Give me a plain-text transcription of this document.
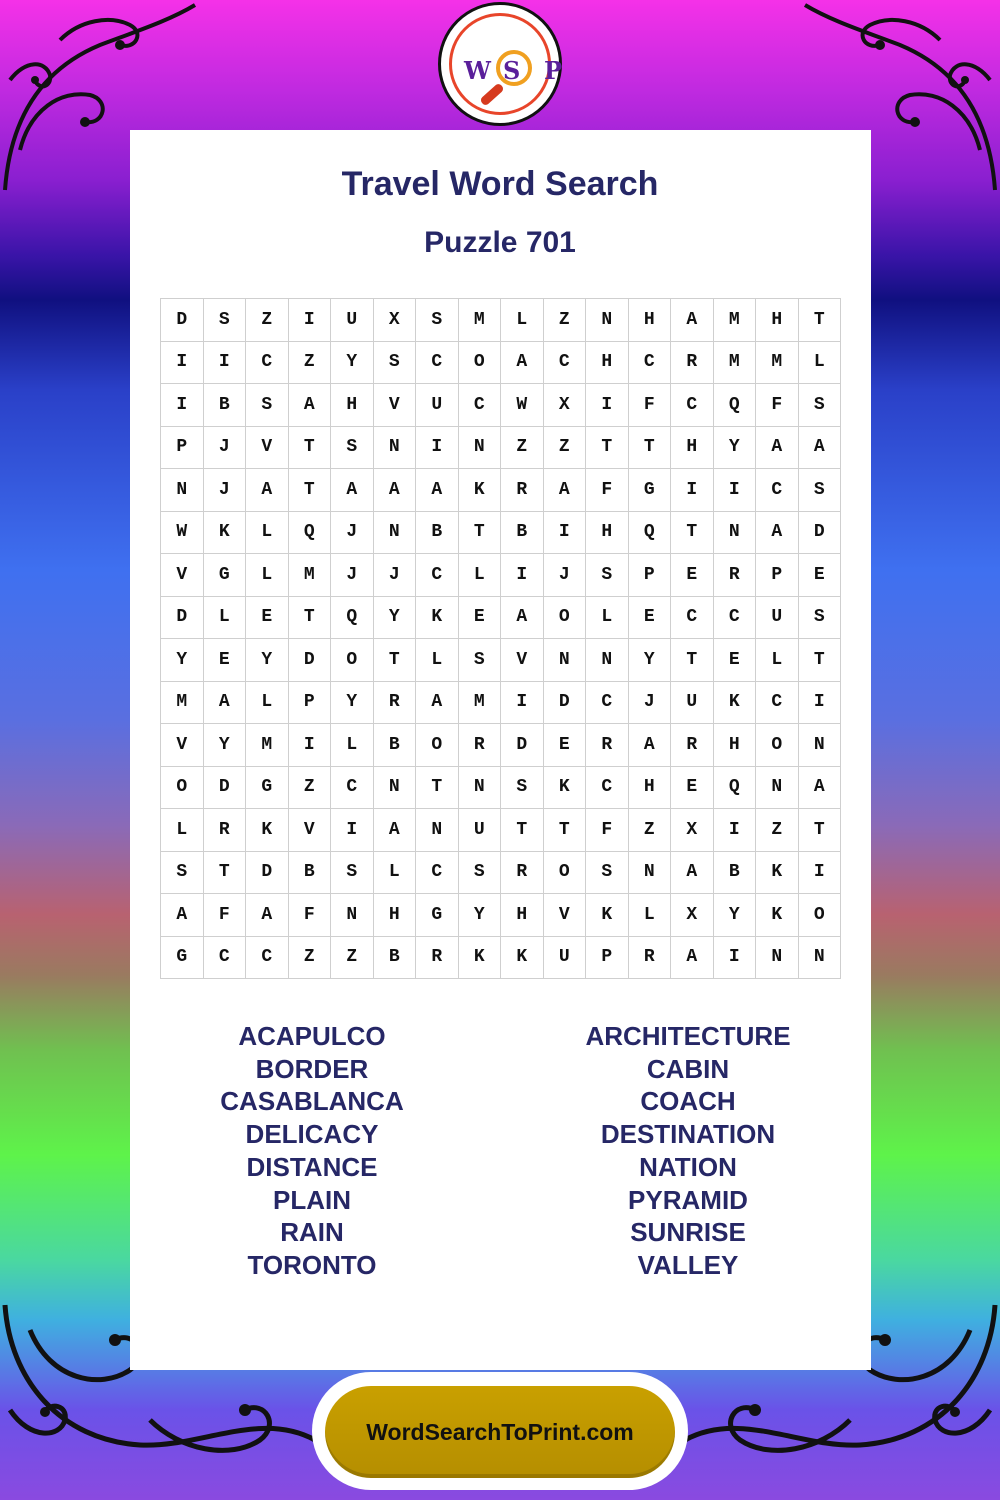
W S P
Travel Word Search
Puzzle 701
D	S	Z	I	U	X	S	M	L	Z	N	H	A	M	H	T
I	I	C	Z	Y	S	C	O	A	C	H	C	R	M	M	L
I	B	S	A	H	V	U	C	W	X	I	F	C	Q	F	S
P	J	V	T	S	N	I	N	Z	Z	T	T	H	Y	A	A
N	J	A	T	A	A	A	K	R	A	F	G	I	I	C	S
W	K	L	Q	J	N	B	T	B	I	H	Q	T	N	A	D
V	G	L	M	J	J	C	L	I	J	S	P	E	R	P	E
D	L	E	T	Q	Y	K	E	A	O	L	E	C	C	U	S
Y	E	Y	D	O	T	L	S	V	N	N	Y	T	E	L	T
M	A	L	P	Y	R	A	M	I	D	C	J	U	K	C	I
V	Y	M	I	L	B	O	R	D	E	R	A	R	H	O	N
O	D	G	Z	C	N	T	N	S	K	C	H	E	Q	N	A
L	R	K	V	I	A	N	U	T	T	F	Z	X	I	Z	T
S	T	D	B	S	L	C	S	R	O	S	N	A	B	K	I
A	F	A	F	N	H	G	Y	H	V	K	L	X	Y	K	O
G	C	C	Z	Z	B	R	K	K	U	P	R	A	I	N	N
ACAPULCO
BORDER
CASABLANCA
DELICACY
DISTANCE
PLAIN
RAIN
TORONTO
ARCHITECTURE
CABIN
COACH
DESTINATION
NATION
PYRAMID
SUNRISE
VALLEY
WordSearchToPrint.com
